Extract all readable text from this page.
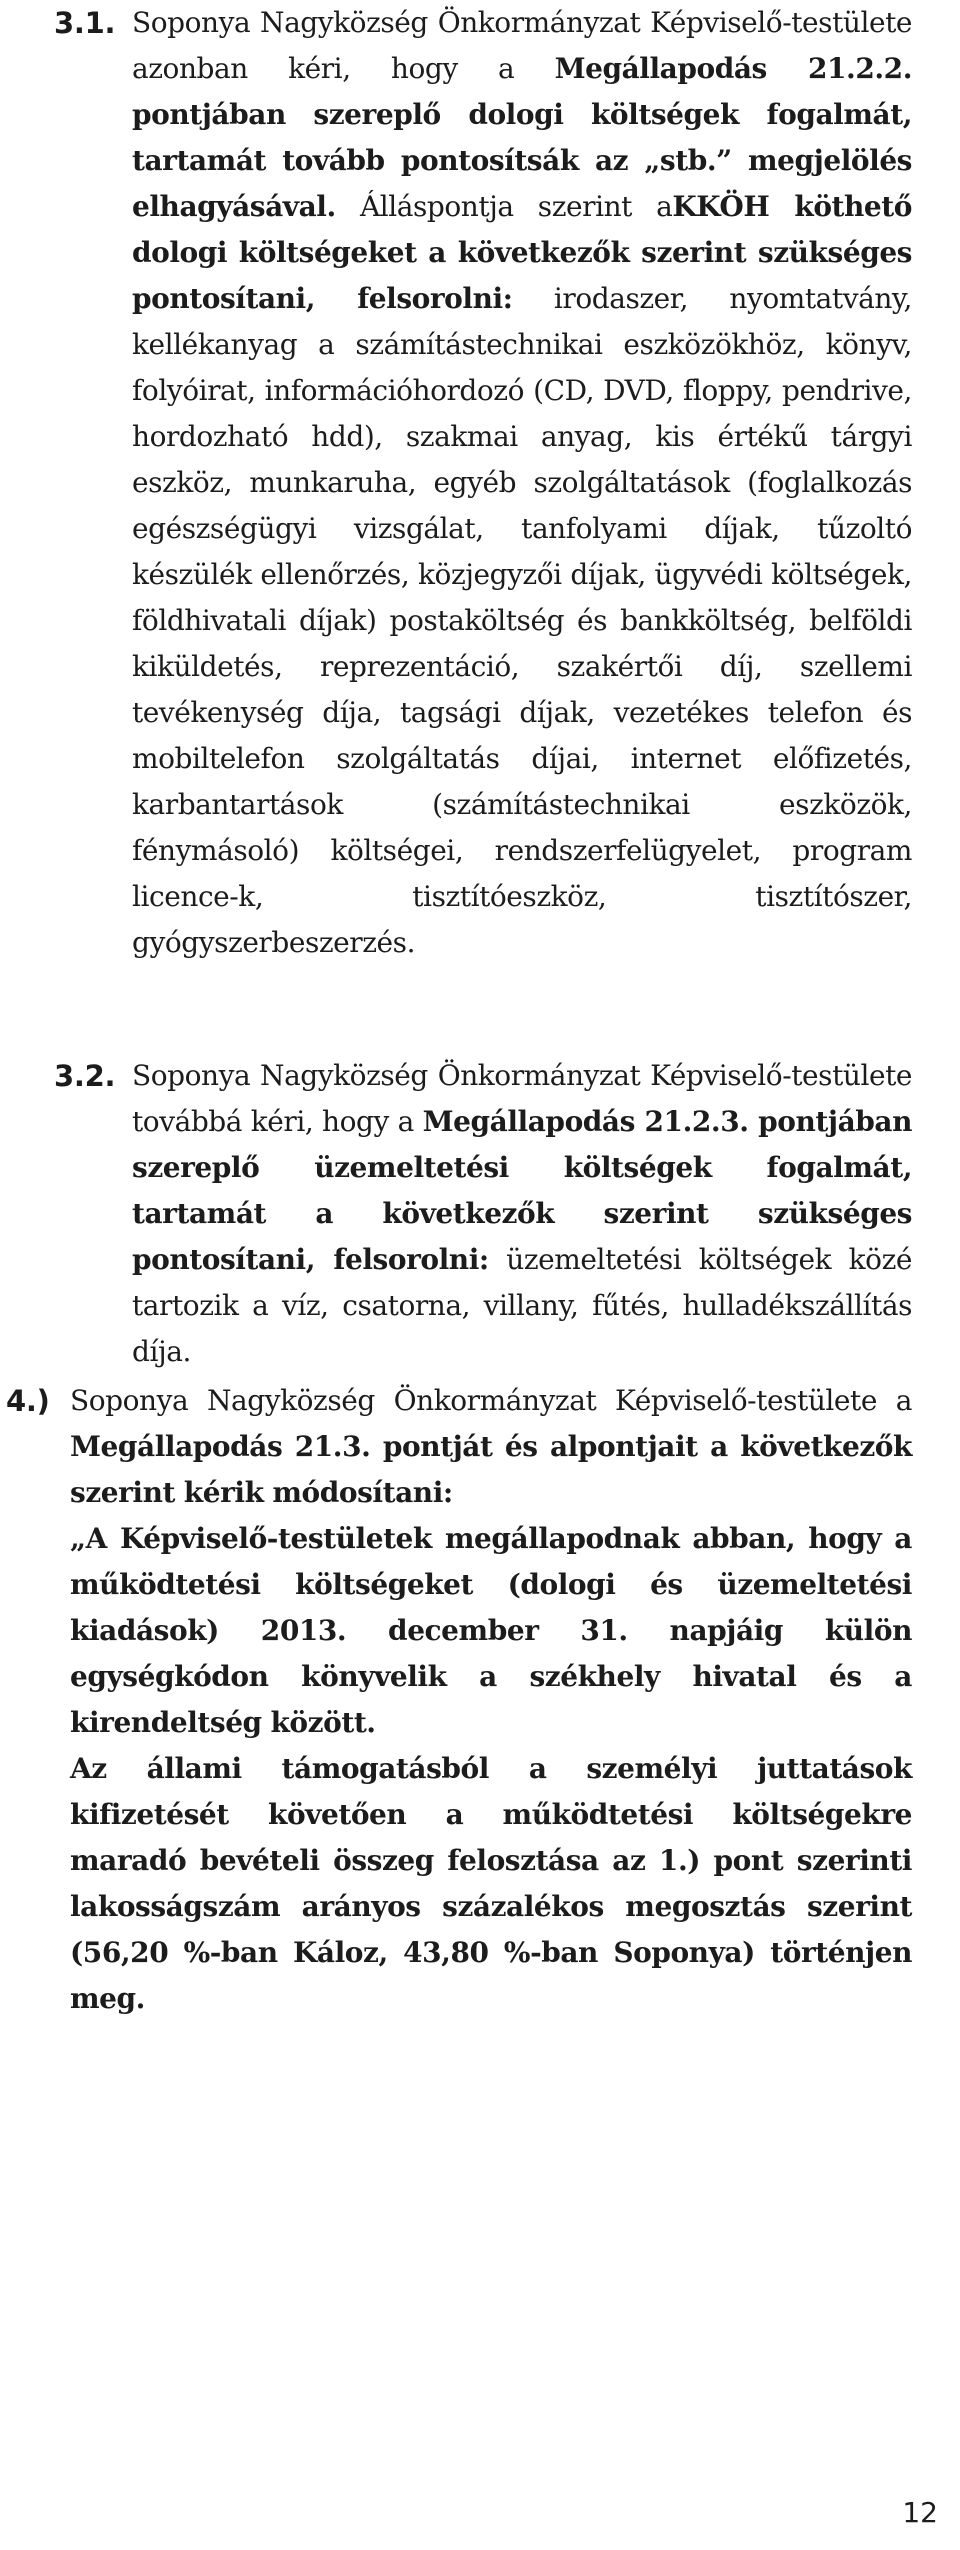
3.1. Soponya Nagyközség Önkormányzat Képviselő-testülete azonban kéri, hogy a Megállapodás 21.2.2. pontjában szereplő dologi költségek fogalmát, tartamát tovább pontosítsák az „stb.” megjelölés elhagyásával. Álláspontja szerint aKKÖH köthető dologi költségeket a következők szerint szükséges pontosítani, felsorolni: irodaszer, nyomtatvány, kellékanyag a számítástechnikai eszközökhöz, könyv, folyóirat, információhordozó (CD, DVD, floppy, pendrive, hordozható hdd), szakmai anyag, kis értékű tárgyi eszköz, munkaruha, egyéb szolgáltatások (foglalkozás egészségügyi vizsgálat, tanfolyami díjak, tűzoltó készülék ellenőrzés, közjegyzői díjak, ügyvédi költségek, földhivatali díjak) postaköltség és bankköltség, belföldi kiküldetés, reprezentáció, szakértői díj, szellemi tevékenység díja, tagsági díjak, vezetékes telefon és mobiltelefon szolgáltatás díjai, internet előfizetés, karbantartások (számítástechnikai eszközök, fénymásoló) költségei, rendszerfelügyelet, program licence-k, tisztítóeszköz, tisztítószer, gyógyszerbeszerzés.

3.2. Soponya Nagyközség Önkormányzat Képviselő-testülete továbbá kéri, hogy a Megállapodás 21.2.3. pontjában szereplő üzemeltetési költségek fogalmát, tartamát a következők szerint szükséges pontosítani, felsorolni: üzemeltetési költségek közé tartozik a víz, csatorna, villany, fűtés, hulladékszállítás díja.

4.) Soponya Nagyközség Önkormányzat Képviselő-testülete a Megállapodás 21.3. pontját és alpontjait a következők szerint kérik módosítani:

„A Képviselő-testületek megállapodnak abban, hogy a működtetési költségeket (dologi és üzemeltetési kiadások) 2013. december 31. napjáig külön egységkódon könyvelik a székhely hivatal és a kirendeltség között.

Az állami támogatásból a személyi juttatások kifizetését követően a működtetési költségekre maradó bevételi összeg felosztása az 1.) pont szerinti lakosságszám arányos százalékos megosztás szerint (56,20 %-ban Káloz, 43,80 %-ban Soponya) történjen meg.

12
